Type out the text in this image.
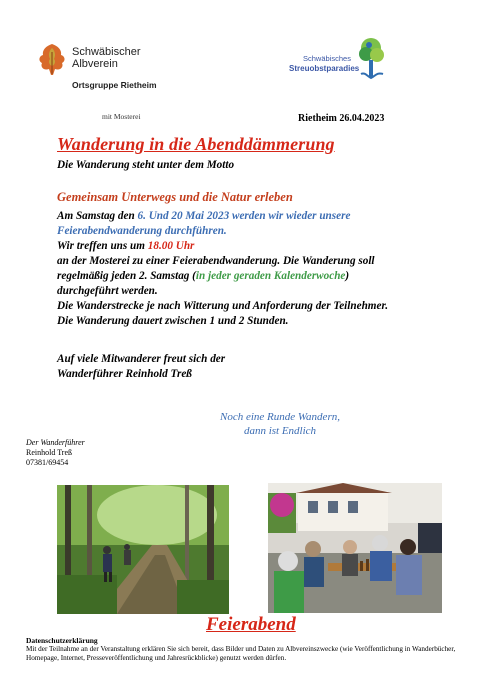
Schwäbischer
Albverein
Ortsgruppe Rietheim
mit Mosterei
Schwäbisches
Streuobstparadies
Rietheim 26.04.2023
Wanderung in die Abenddämmerung
Die Wanderung steht unter dem Motto
Gemeinsam Unterwegs und die Natur erleben
Am Samstag den 6. Und 20 Mai 2023 werden wir wieder unsere
Feierabendwanderung durchführen.
Wir treffen uns um 18.00 Uhr
an der Mosterei zu einer Feierabendwanderung. Die Wanderung soll
regelmäßig jeden 2. Samstag (in jeder geraden Kalenderwoche)
durchgeführt werden.
Die Wanderstrecke je nach Witterung und Anforderung der Teilnehmer.
Die Wanderung dauert zwischen 1 und 2 Stunden.
Auf viele Mitwanderer freut sich der
Wanderführer Reinhold Treß
Noch eine Runde Wandern,
dann ist Endlich
Der Wanderführer
Reinhold Treß
07381/69454
Feierabend
Datenschutzerklärung
Mit der Teilnahme an der Veranstaltung erklären Sie sich bereit, dass Bilder und Daten zu Albvereinszwecke (wie Veröffentlichung in Wanderbücher, Homepage, Internet, Presseveröffentlichung und Jahresrückblicke) genutzt werden dürfen.
